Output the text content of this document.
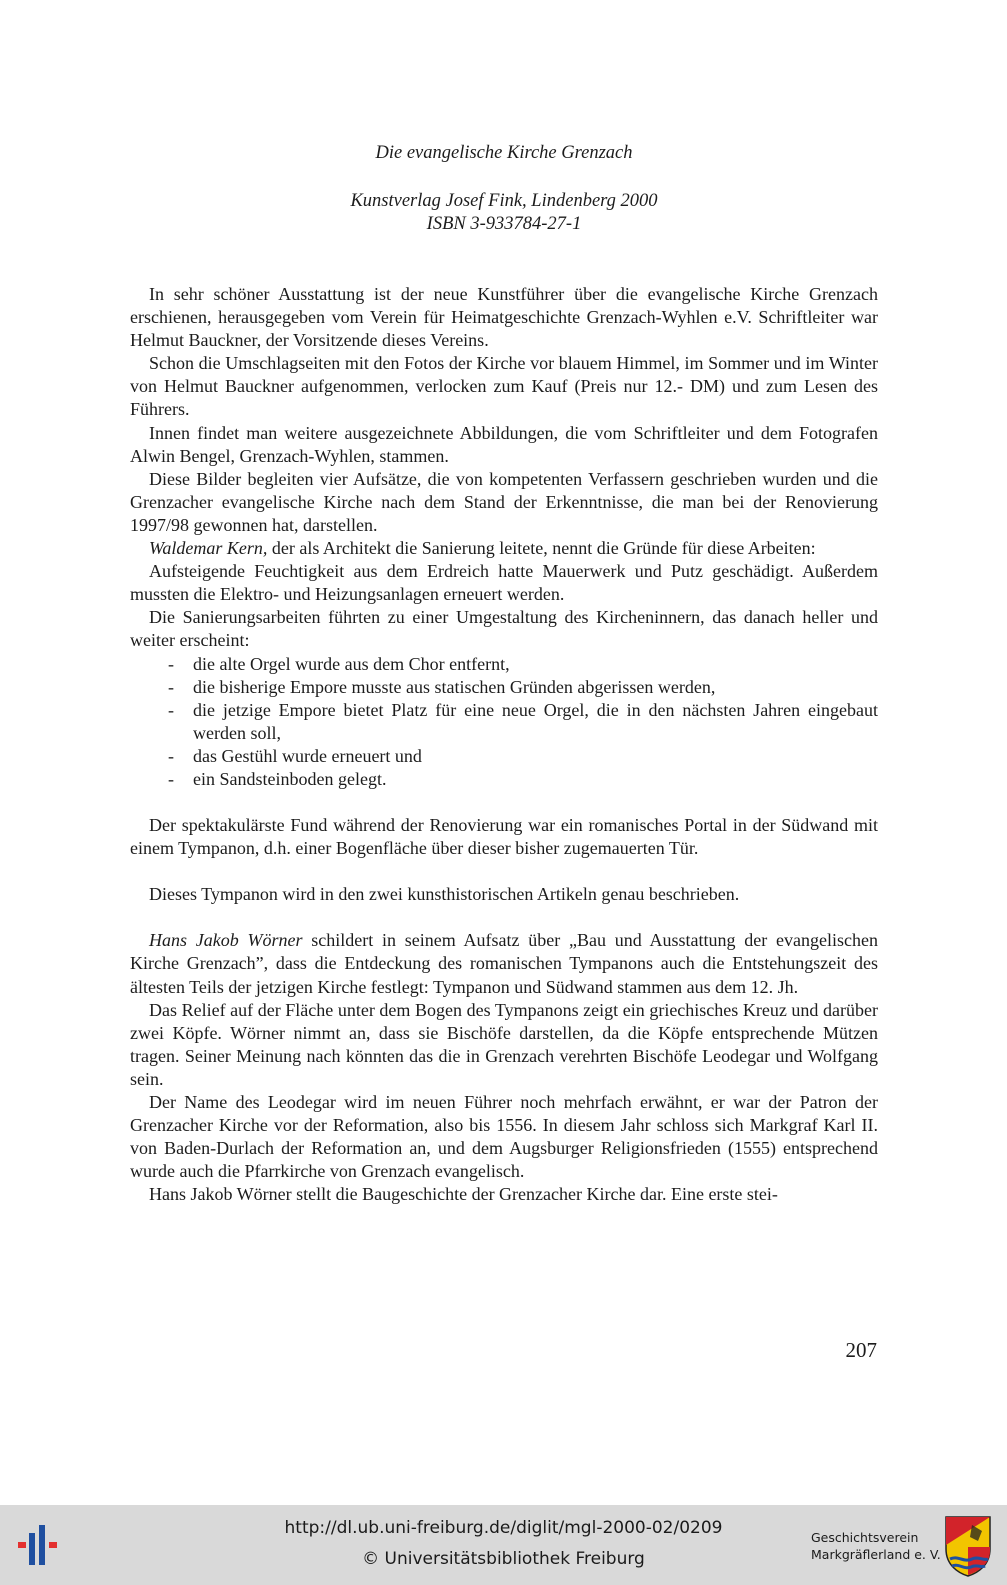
Die evangelische Kirche Grenzach
Kunstverlag Josef Fink, Lindenberg 2000
ISBN 3-933784-27-1

In sehr schöner Ausstattung ist der neue Kunstführer über die evangelische Kirche Grenzach erschienen, herausgegeben vom Verein für Heimatgeschichte Grenzach-Wyhlen e.V. Schriftleiter war Helmut Bauckner, der Vorsitzende dieses Vereins.

Schon die Umschlagseiten mit den Fotos der Kirche vor blauem Himmel, im Sommer und im Winter von Helmut Bauckner aufgenommen, verlocken zum Kauf (Preis nur 12.- DM) und zum Lesen des Führers.

Innen findet man weitere ausgezeichnete Abbildungen, die vom Schriftleiter und dem Fotografen Alwin Bengel, Grenzach-Wyhlen, stammen.

Diese Bilder begleiten vier Aufsätze, die von kompetenten Verfassern geschrieben wurden und die Grenzacher evangelische Kirche nach dem Stand der Erkenntnisse, die man bei der Renovierung 1997/98 gewonnen hat, darstellen.

Waldemar Kern, der als Architekt die Sanierung leitete, nennt die Gründe für diese Arbeiten:

Aufsteigende Feuchtigkeit aus dem Erdreich hatte Mauerwerk und Putz geschädigt. Außerdem mussten die Elektro- und Heizungsanlagen erneuert werden.

Die Sanierungsarbeiten führten zu einer Umgestaltung des Kircheninnern, das danach heller und weiter erscheint:

- die alte Orgel wurde aus dem Chor entfernt,
- die bisherige Empore musste aus statischen Gründen abgerissen werden,
- die jetzige Empore bietet Platz für eine neue Orgel, die in den nächsten Jahren eingebaut werden soll,
- das Gestühl wurde erneuert und
- ein Sandsteinboden gelegt.

Der spektakulärste Fund während der Renovierung war ein romanisches Portal in der Südwand mit einem Tympanon, d.h. einer Bogenfläche über dieser bisher zugemauerten Tür.

Dieses Tympanon wird in den zwei kunsthistorischen Artikeln genau beschrieben.

Hans Jakob Wörner schildert in seinem Aufsatz über „Bau und Ausstattung der evangelischen Kirche Grenzach”, dass die Entdeckung des romanischen Tympanons auch die Entstehungszeit des ältesten Teils der jetzigen Kirche festlegt: Tympanon und Südwand stammen aus dem 12. Jh.

Das Relief auf der Fläche unter dem Bogen des Tympanons zeigt ein griechisches Kreuz und darüber zwei Köpfe. Wörner nimmt an, dass sie Bischöfe darstellen, da die Köpfe entsprechende Mützen tragen. Seiner Meinung nach könnten das die in Grenzach verehrten Bischöfe Leodegar und Wolfgang sein.

Der Name des Leodegar wird im neuen Führer noch mehrfach erwähnt, er war der Patron der Grenzacher Kirche vor der Reformation, also bis 1556. In diesem Jahr schloss sich Markgraf Karl II. von Baden-Durlach der Reformation an, und dem Augsburger Religionsfrieden (1555) entsprechend wurde auch die Pfarrkirche von Grenzach evangelisch.

Hans Jakob Wörner stellt die Baugeschichte der Grenzacher Kirche dar. Eine erste stei-

207
http://dl.ub.uni-freiburg.de/diglit/mgl-2000-02/0209
© Universitätsbibliothek Freiburg
Geschichtsverein
Markgräflerland e. V.
